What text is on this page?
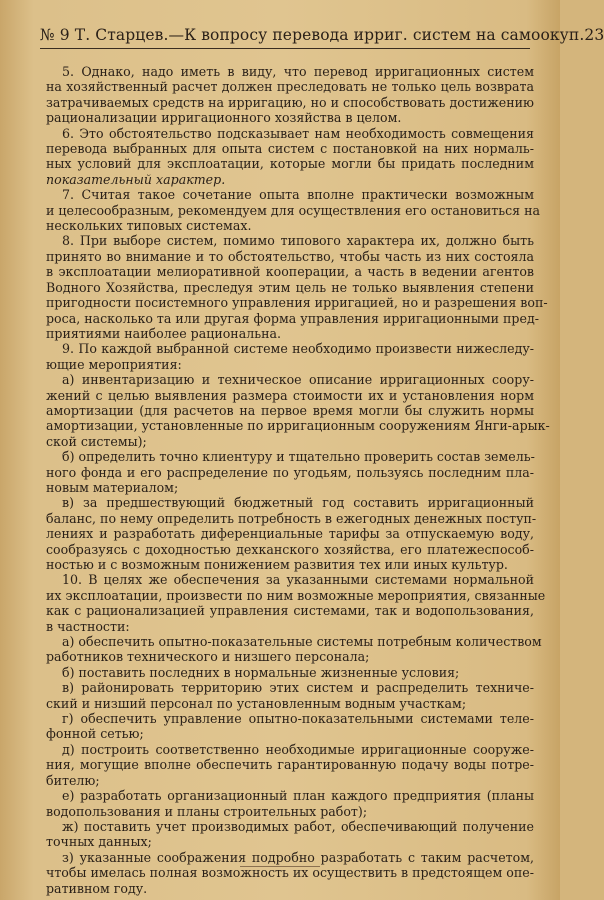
№ 9 Т. Старцев.—К вопросу перевода ирриг. систем на самоокуп. 23
5. Однако, надо иметь в виду, что перевод ирригационных систем
на хозяйственный расчет должен преследовать не только цель возврата
затрачиваемых средств на ирригацию, но и способствовать достижению
рационализации ирригационного хозяйства в целом.
6. Это обстоятельство подсказывает нам необходимость совмещения
перевода выбранных для опыта систем с постановкой на них нормаль-
ных условий для эксплоатации, которые могли бы придать последним
показательный характер.
7. Считая такое сочетание опыта вполне практически возможным
и целесообразным, рекомендуем для осуществления его остановиться на
нескольких типовых системах.
8. При выборе систем, помимо типового характера их, должно быть
принято во внимание и то обстоятельство, чтобы часть из них состояла
в эксплоатации мелиоративной кооперации, а часть в ведении агентов
Водного Хозяйства, преследуя этим цель не только выявления степени
пригодности посистемного управления ирригацией, но и разрешения воп-
роса, насколько та или другая форма управления ирригационными пред-
приятиями наиболее рациональна.
9. По каждой выбранной системе необходимо произвести нижеследу-
ющие мероприятия:
а) инвентаризацию и техническое описание ирригационных соору-
жений с целью выявления размера стоимости их и установления норм
амортизации (для расчетов на первое время могли бы служить нормы
амортизации, установленные по ирригационным сооружениям Янги-арык-
ской системы);
б) определить точно клиентуру и тщательно проверить состав земель-
ного фонда и его распределение по угодьям, пользуясь последним пла-
новым материалом;
в) за предшествующий бюджетный год составить ирригационный
баланс, по нему определить потребность в ежегодных денежных поступ-
лениях и разработать диференциальные тарифы за отпускаемую воду,
сообразуясь с доходностью дехканского хозяйства, его платежеспособ-
ностью и с возможным понижением развития тех или иных культур.
10. В целях же обеспечения за указанными системами нормальной
их эксплоатации, произвести по ним возможные мероприятия, связанные
как с рационализацией управления системами, так и водопользования,
в частности:
а) обеспечить опытно-показательные системы потребным количеством
работников технического и низшего персонала;
б) поставить последних в нормальные жизненные условия;
в) районировать территорию этих систем и распределить техниче-
ский и низший персонал по установленным водным участкам;
г) обеспечить управление опытно-показательными системами теле-
фонной сетью;
д) построить соответственно необходимые ирригационные сооруже-
ния, могущие вполне обеспечить гарантированную подачу воды потре-
бителю;
е) разработать организационный план каждого предприятия (планы
водопользования и планы строительных работ);
ж) поставить учет производимых работ, обеспечивающий получение
точных данных;
з) указанные соображения подробно разработать с таким расчетом,
чтобы имелась полная возможность их осуществить в предстоящем опе-
ративном году.
